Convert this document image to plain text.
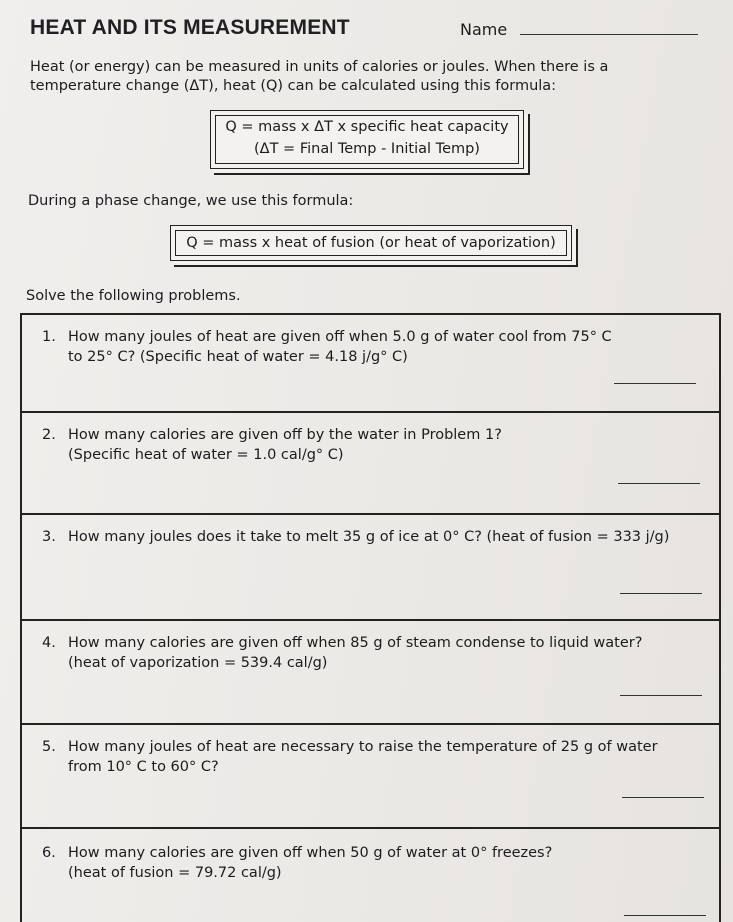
HEAT AND ITS MEASUREMENT	Name
Heat (or energy) can be measured in units of calories or joules. When there is a
temperature change (ΔT), heat (Q) can be calculated using this formula:
Q = mass x ΔT x specific heat capacity
(ΔT = Final Temp - Initial Temp)
During a phase change, we use this formula:
Q = mass x heat of fusion (or heat of vaporization)
Solve the following problems.
1. How many joules of heat are given off when 5.0 g of water cool from 75° C
to 25° C? (Specific heat of water = 4.18 j/g° C)
2. How many calories are given off by the water in Problem 1?
(Specific heat of water = 1.0 cal/g° C)
3. How many joules does it take to melt 35 g of ice at 0° C? (heat of fusion = 333 j/g)
4. How many calories are given off when 85 g of steam condense to liquid water?
(heat of vaporization = 539.4 cal/g)
5. How many joules of heat are necessary to raise the temperature of 25 g of water
from 10° C to 60° C?
6. How many calories are given off when 50 g of water at 0° freezes?
(heat of fusion = 79.72 cal/g)
